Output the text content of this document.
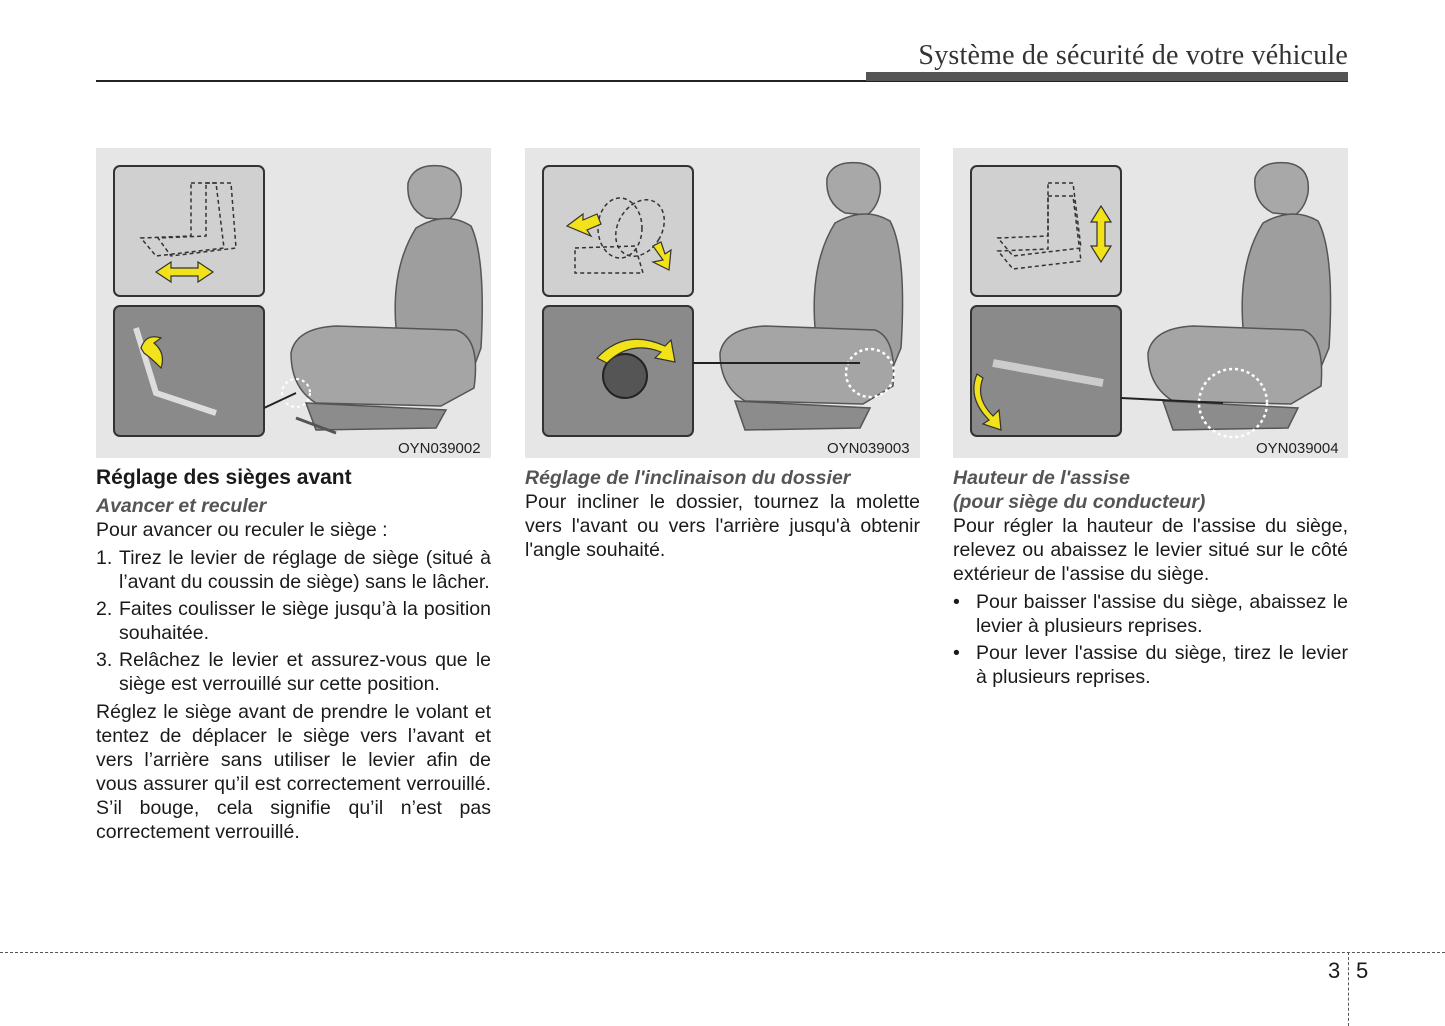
Système de sécurité de votre véhicule
OYN039002	OYN039003	OYN039004
Réglage des sièges avant

Avancer et reculer

Pour avancer ou reculer le siège :

1. Tirez le levier de réglage de siège (situé à l’avant du coussin de siège) sans le lâcher.
2. Faites coulisser le siège jusqu’à la position souhaitée.
3. Relâchez le levier et assurez-vous que le siège est verrouillé sur cette position.

Réglez le siège avant de prendre le volant et tentez de déplacer le siège vers l’avant et vers l’arrière sans utiliser le levier afin de vous assurer qu’il est correctement verrouillé. S’il bouge, cela signifie qu’il n’est pas correctement verrouillé.

Réglage de l'inclinaison du dossier

Pour incliner le dossier, tournez la molette vers l'avant ou vers l'arrière jusqu'à obtenir l'angle souhaité.

Hauteur de l'assise

(pour siège du conducteur)

Pour régler la hauteur de l'assise du siège, relevez ou abaissez le levier situé sur le côté extérieur de l'assise du siège.

• Pour baisser l'assise du siège, abaissez le levier à plusieurs reprises.
• Pour lever l'assise du siège, tirez le levier à plusieurs reprises.
3 5
